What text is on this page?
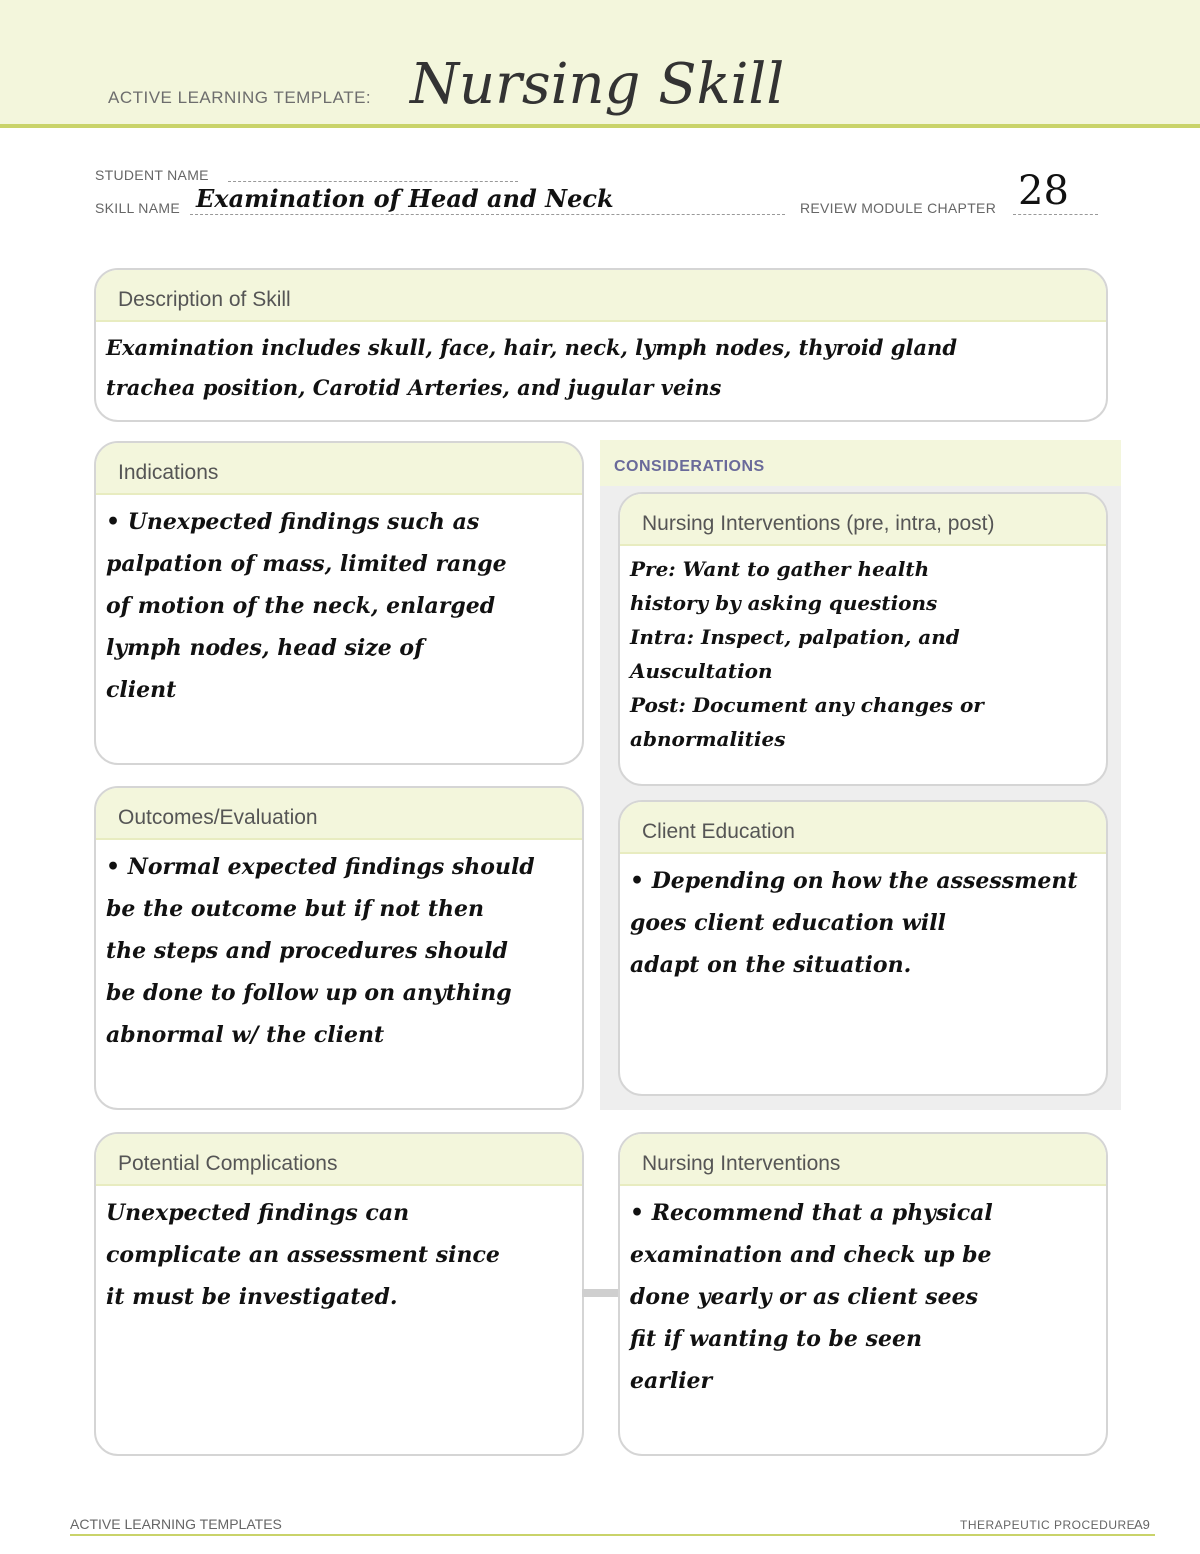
ACTIVE LEARNING TEMPLATE: Nursing Skill
STUDENT NAME
SKILL NAME Examination of Head and Neck	REVIEW MODULE CHAPTER 28
Description of Skill

Examination includes skull, face, hair, neck, lymph nodes, thyroid gland

trachea position, Carotid Arteries, and jugular veins

Indications

• Unexpected findings such as

palpation of mass, limited range

of motion of the neck, enlarged

lymph nodes, head size of

client

CONSIDERATIONS
Nursing Interventions (pre, intra, post)

Pre: Want to gather health

history by asking questions

Intra: Inspect, palpation, and

Auscultation

Post: Document any changes or

abnormalities

Client Education

• Depending on how the assessment

goes client education will

adapt on the situation.

Outcomes/Evaluation

• Normal expected findings should

be the outcome but if not then

the steps and procedures should

be done to follow up on anything

abnormal w/ the client

Potential Complications

Unexpected findings can

complicate an assessment since

it must be investigated.

Nursing Interventions

• Recommend that a physical

examination and check up be

done yearly or as client sees

fit if wanting to be seen

earlier

ACTIVE LEARNING TEMPLATES	THERAPEUTIC PROCEDURE
A9
